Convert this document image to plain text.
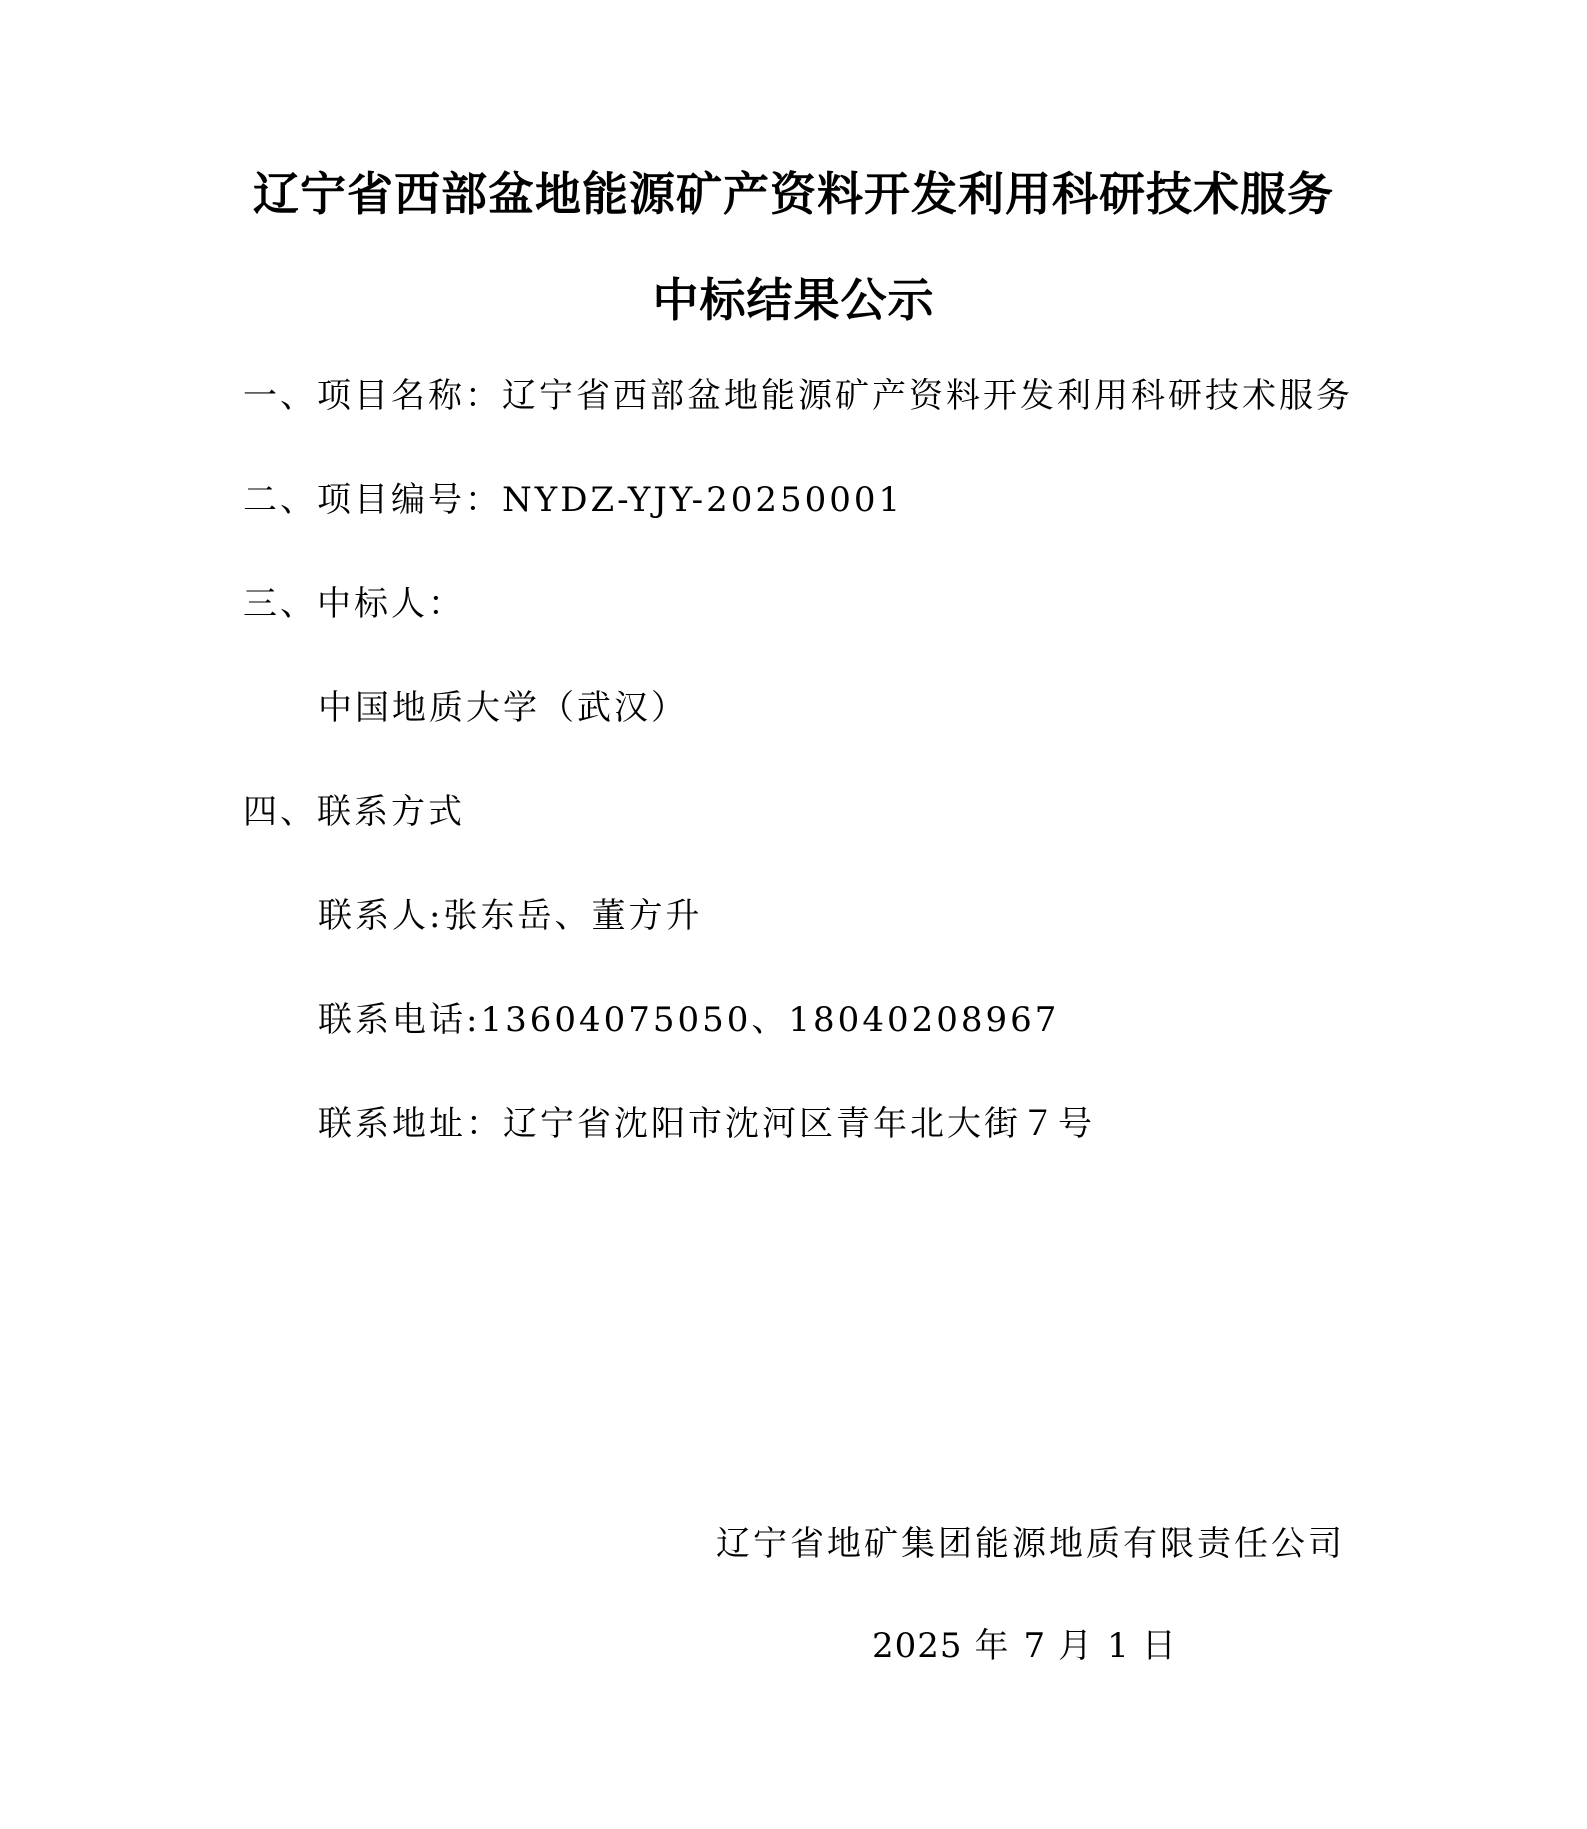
辽宁省西部盆地能源矿产资料开发利用科研技术服务
中标结果公示
一、项目名称：辽宁省西部盆地能源矿产资料开发利用科研技术服务
二、项目编号：NYDZ-YJY-20250001
三、中标人：
中国地质大学（武汉）
四、联系方式
联系人:张东岳、董方升
联系电话:13604075050、18040208967
联系地址：辽宁省沈阳市沈河区青年北大街７号
辽宁省地矿集团能源地质有限责任公司
2025 年 7 月 1 日
